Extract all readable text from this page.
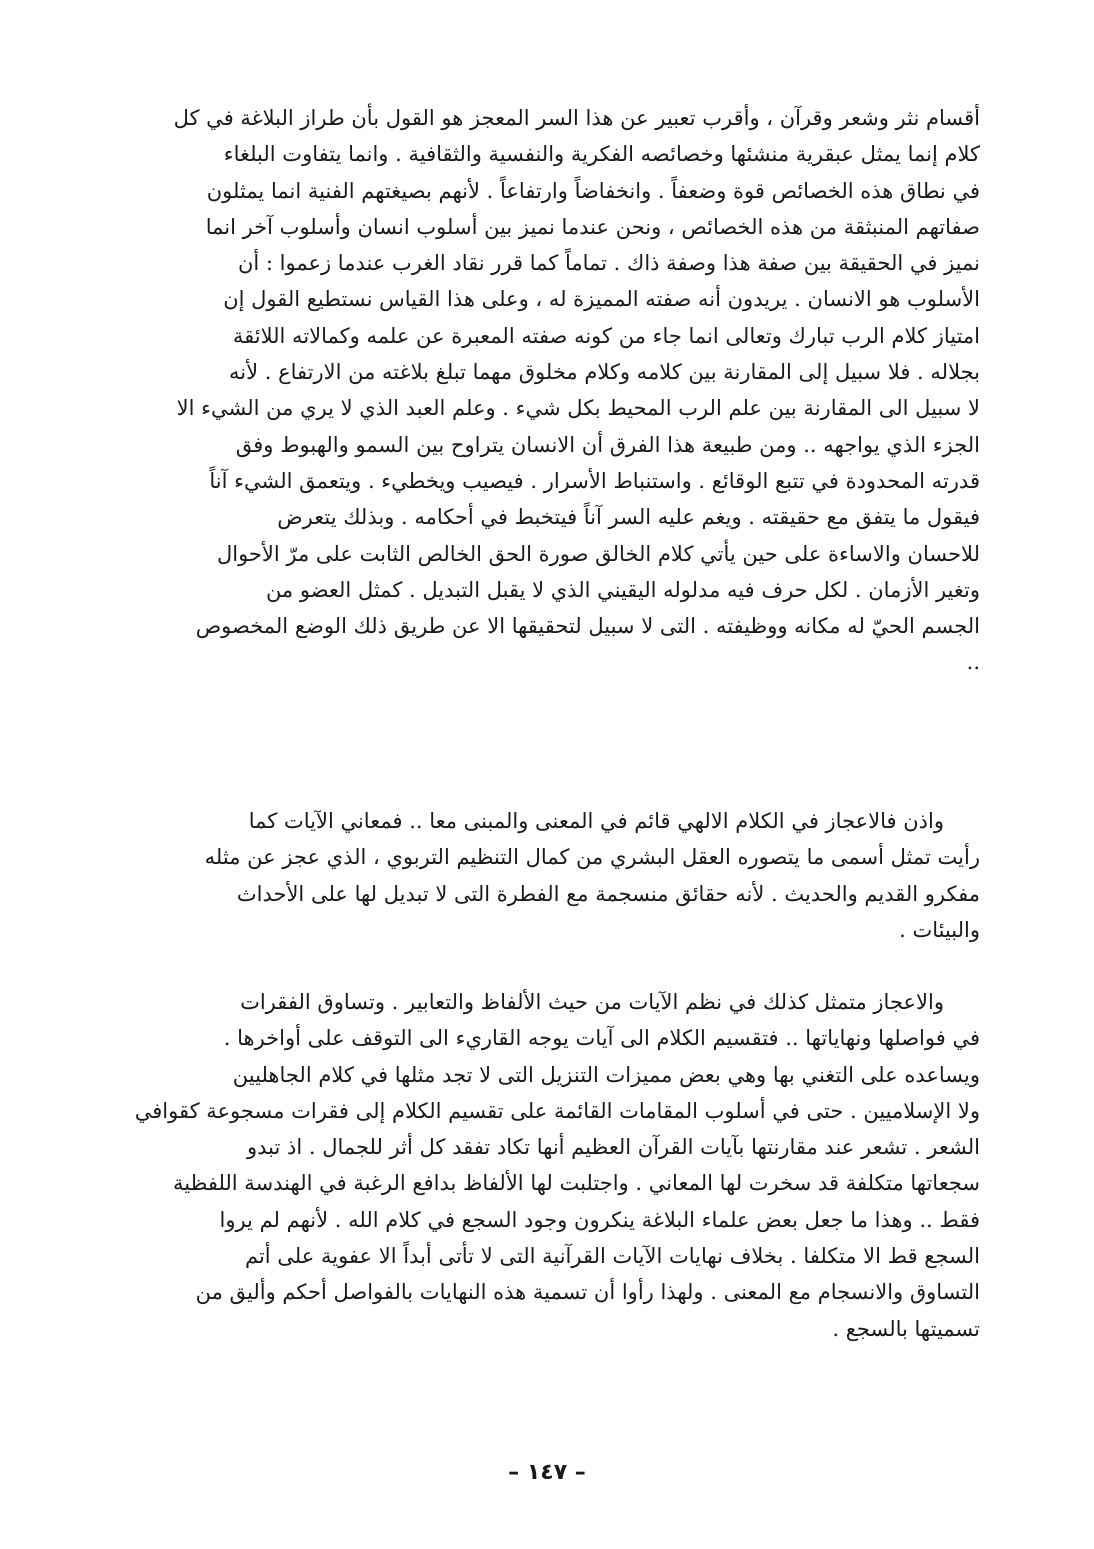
أقسام نثر وشعر وقرآن ، وأقرب تعبير عن هذا السر المعجز هو القول بأن طراز البلاغة في كل
كلام إنما يمثل عبقرية منشئها وخصائصه الفكرية والنفسية والثقافية . وانما يتفاوت البلغاء
في نطاق هذه الخصائص قوة وضعفاً . وانخفاضاً وارتفاعاً . لأنهم بصيغتهم الفنية انما يمثلون
صفاتهم المنبثقة من هذه الخصائص ، ونحن عندما نميز بين أسلوب انسان وأسلوب آخر انما
نميز في الحقيقة بين صفة هذا وصفة ذاك . تماماً كما قرر نقاد الغرب عندما زعموا : أن
الأسلوب هو الانسان . يريدون أنه صفته المميزة له ، وعلى هذا القياس نستطيع القول إن
امتياز كلام الرب تبارك وتعالى انما جاء من كونه صفته المعبرة عن علمه وكمالاته اللائقة
بجلاله . فلا سبيل إلى المقارنة بين كلامه وكلام مخلوق مهما تبلغ بلاغته من الارتفاع . لأنه
لا سبيل الى المقارنة بين علم الرب المحيط بكل شيء . وعلم العبد الذي لا يري من الشيء الا
الجزء الذي يواجهه .. ومن طبيعة هذا الفرق أن الانسان يتراوح بين السمو والهبوط وفق
قدرته المحدودة في تتبع الوقائع . واستنباط الأسرار . فيصيب ويخطيء . ويتعمق الشيء آناً
فيقول ما يتفق مع حقيقته . ويغم عليه السر آناً فيتخبط في أحكامه . وبذلك يتعرض
للاحسان والاساءة على حين يأتي كلام الخالق صورة الحق الخالص الثابت على مرّ الأحوال
وتغير الأزمان . لكل حرف فيه مدلوله اليقيني الذي لا يقبل التبديل . كمثل العضو من
الجسم الحيّ له مكانه ووظيفته . التى لا سبيل لتحقيقها الا عن طريق ذلك الوضع المخصوص
..
واذن فالاعجاز في الكلام الالهي قائم في المعنى والمبنى معا .. فمعاني الآيات كما
رأيت تمثل أسمى ما يتصوره العقل البشري من كمال التنظيم التربوي ، الذي عجز عن مثله
مفكرو القديم والحديث . لأنه حقائق منسجمة مع الفطرة التى لا تبديل لها على الأحداث
والبيئات .
والاعجاز متمثل كذلك في نظم الآيات من حيث الألفاظ والتعابير . وتساوق الفقرات
في فواصلها ونهاياتها .. فتقسيم الكلام الى آيات يوجه القاريء الى التوقف على أواخرها .
ويساعده على التغني بها وهي بعض مميزات التنزيل التى لا تجد مثلها في كلام الجاهليين
ولا الإسلاميين . حتى في أسلوب المقامات القائمة على تقسيم الكلام إلى فقرات مسجوعة كقوافي
الشعر . تشعر عند مقارنتها بآيات القرآن العظيم أنها تكاد تفقد كل أثر للجمال . اذ تبدو
سجعاتها متكلفة قد سخرت لها المعاني . واجتلبت لها الألفاظ بدافع الرغبة في الهندسة اللفظية
فقط .. وهذا ما جعل بعض علماء البلاغة ينكرون وجود السجع في كلام الله . لأنهم لم يروا
السجع قط الا متكلفا . بخلاف نهايات الآيات القرآنية التى لا تأتى أبداً الا عفوية على أتم
التساوق والانسجام مع المعنى . ولهذا رأوا أن تسمية هذه النهايات بالفواصل أحكم وأليق من
تسميتها بالسجع .
– ١٤٧ –
